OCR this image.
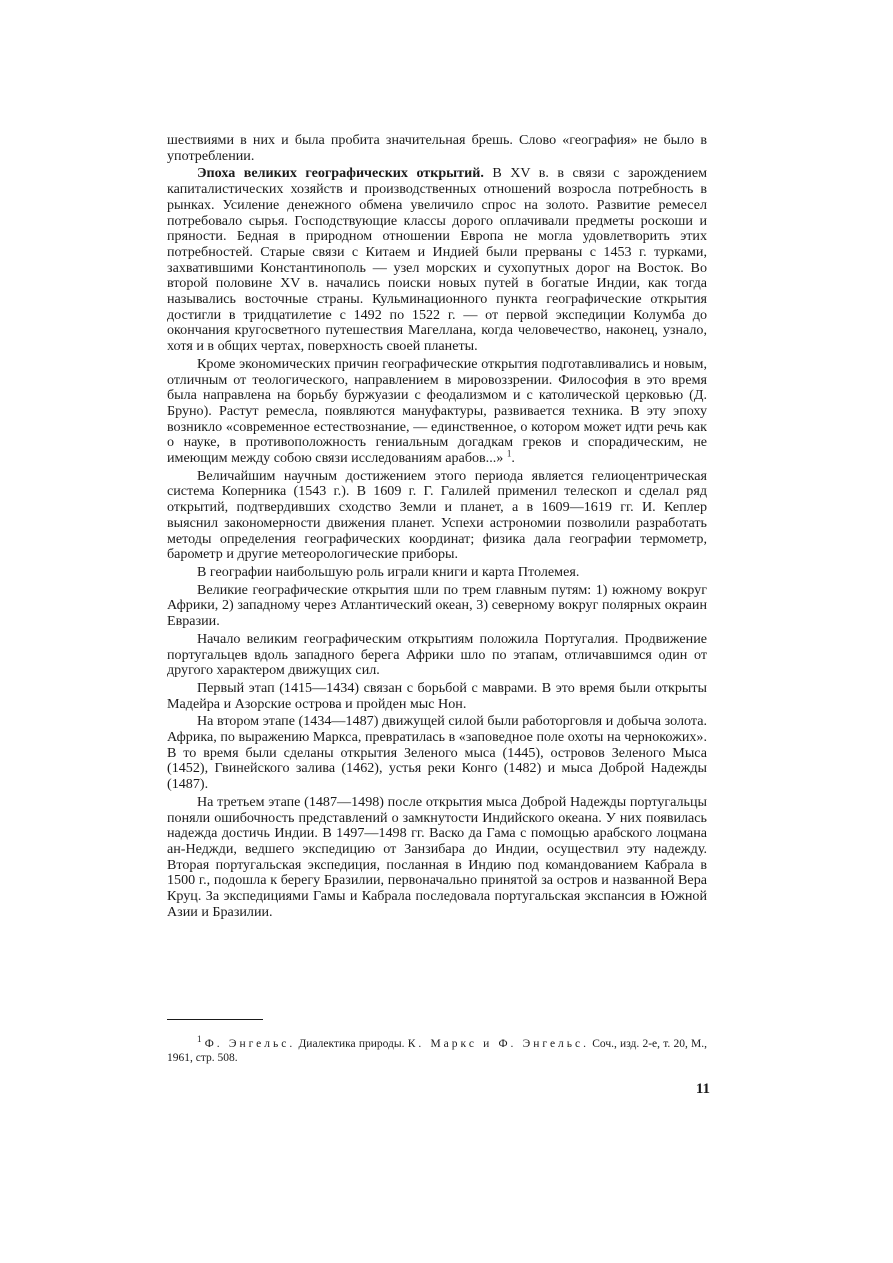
шествиями в них и была пробита значительная брешь. Слово «география» не было в употреблении.

Эпоха великих географических открытий. В XV в. в связи с зарождением капиталистических хозяйств и производственных отношений возросла потребность в рынках. Усиление денежного обмена увеличило спрос на золото. Развитие ремесел потребовало сырья. Господствующие классы дорого оплачивали предметы роскоши и пряности. Бедная в природном отношении Европа не могла удовлетворить этих потребностей. Старые связи с Китаем и Индией были прерваны с 1453 г. турками, захватившими Константинополь — узел морских и сухопутных дорог на Восток. Во второй половине XV в. начались поиски новых путей в богатые Индии, как тогда назывались восточные страны. Кульминационного пункта географические открытия достигли в тридцатилетие с 1492 по 1522 г. — от первой экспедиции Колумба до окончания кругосветного путешествия Магеллана, когда человечество, наконец, узнало, хотя и в общих чертах, поверхность своей планеты.

Кроме экономических причин географические открытия подготавливались и новым, отличным от теологического, направлением в мировоззрении. Философия в это время была направлена на борьбу буржуазии с феодализмом и с католической церковью (Д. Бруно). Растут ремесла, появляются мануфактуры, развивается техника. В эту эпоху возникло «современное естествознание, — единственное, о котором может идти речь как о науке, в противоположность гениальным догадкам греков и спорадическим, не имеющим между собою связи исследованиям арабов...» $^1$.

Величайшим научным достижением этого периода является гелиоцентрическая система Коперника (1543 г.). В 1609 г. Г. Галилей применил телескоп и сделал ряд открытий, подтвердивших сходство Земли и планет, а в 1609—1619 гг. И. Кеплер выяснил закономерности движения планет. Успехи астрономии позволили разработать методы определения географических координат; физика дала географии термометр, барометр и другие метеорологические приборы.

В географии наибольшую роль играли книги и карта Птолемея.

Великие географические открытия шли по трем главным путям: 1) южному вокруг Африки, 2) западному через Атлантический океан, 3) северному вокруг полярных окраин Евразии.

Начало великим географическим открытиям положила Португалия. Продвижение португальцев вдоль западного берега Африки шло по этапам, отличавшимся один от другого характером движущих сил.

Первый этап (1415—1434) связан с борьбой с маврами. В это время были открыты Мадейра и Азорские острова и пройден мыс Нон.

На втором этапе (1434—1487) движущей силой были работорговля и добыча золота. Африка, по выражению Маркса, превратилась в «заповедное поле охоты на чернокожих». В то время были сделаны открытия Зеленого мыса (1445), островов Зеленого Мыса (1452), Гвинейского залива (1462), устья реки Конго (1482) и мыса Доброй Надежды (1487).

На третьем этапе (1487—1498) после открытия мыса Доброй Надежды португальцы поняли ошибочность представлений о замкнутости Индийского океана. У них появилась надежда достичь Индии. В 1497—1498 гг. Васко да Гама с помощью арабского лоцмана ан-Неджди, ведшего экспедицию от Занзибара до Индии, осуществил эту надежду. Вторая португальская экспедиция, посланная в Индию под командованием Кабрала в 1500 г., подошла к берегу Бразилии, первоначально принятой за остров и названной Вера Круц. За экспедициями Гамы и Кабрала последовала португальская экспансия в Южной Азии и Бразилии.

$^1$ Ф. Энгельс. Диалектика природы. К. Маркс и Ф. Энгельс. Соч., изд. 2-е, т. 20, М., 1961, стр. 508.

11
